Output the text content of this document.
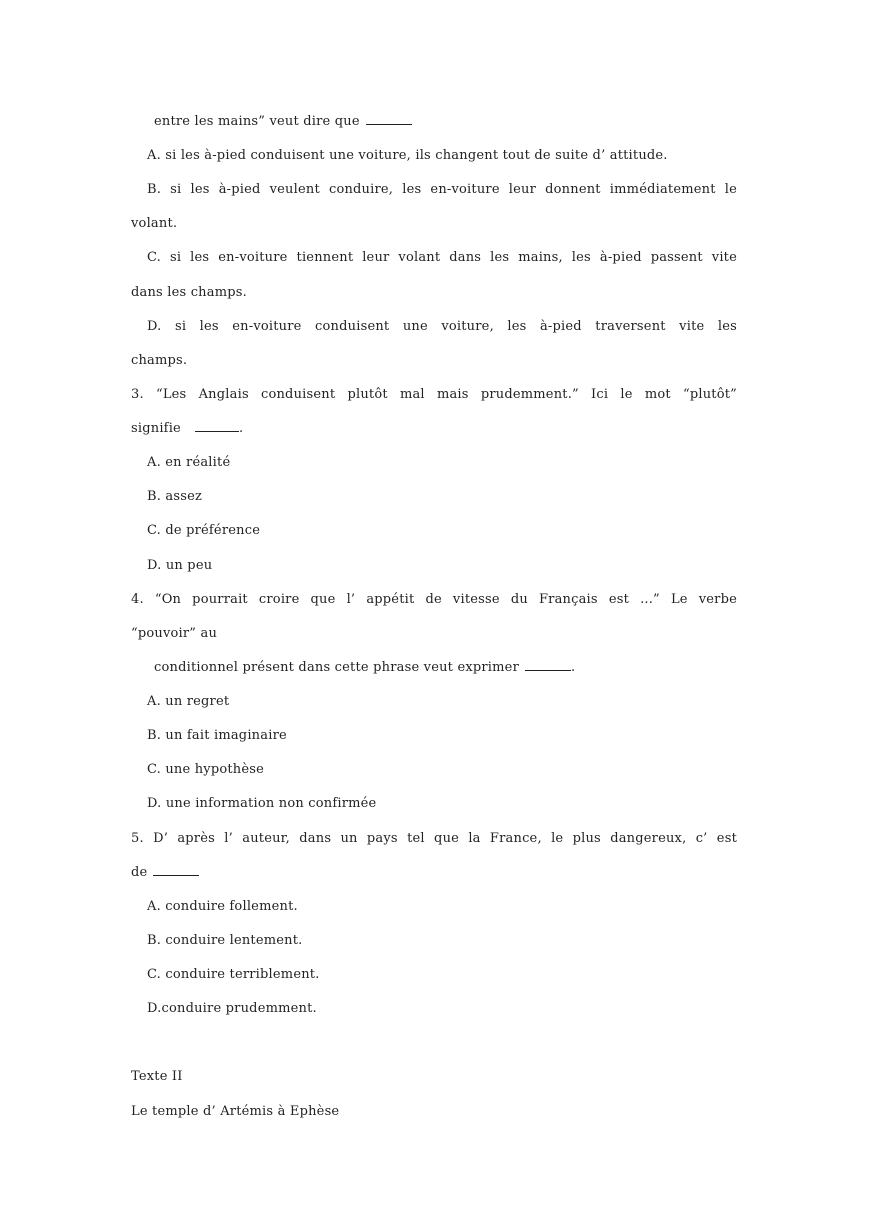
entre les mains” veut dire que
A. si les à-pied conduisent une voiture, ils changent tout de suite d’ attitude.
B. si les à-pied veulent conduire, les en-voiture leur donnent immédiatement le
volant.
C. si les en-voiture tiennent leur volant dans les mains, les à-pied passent vite
dans les champs.
D. si les en-voiture conduisent une voiture, les à-pied traversent vite les
champs.
3. “Les Anglais conduisent plutôt mal mais prudemment.” Ici le mot “plutôt”
signifie	.
A. en réalité
B. assez
C. de préférence
D. un peu
4. “On pourrait croire que l’ appétit de vitesse du Français est ...” Le verbe
“pouvoir” au
conditionnel présent dans cette phrase veut exprimer	.
A. un regret
B. un fait imaginaire
C. une hypothèse
D. une information non confirmée
5. D’ après l’ auteur, dans un pays tel que la France, le plus dangereux, c’ est
de
A. conduire follement.
B. conduire lentement.
C. conduire terriblement.
D.conduire prudemment.
Texte II
Le temple d’ Artémis à Ephèse
